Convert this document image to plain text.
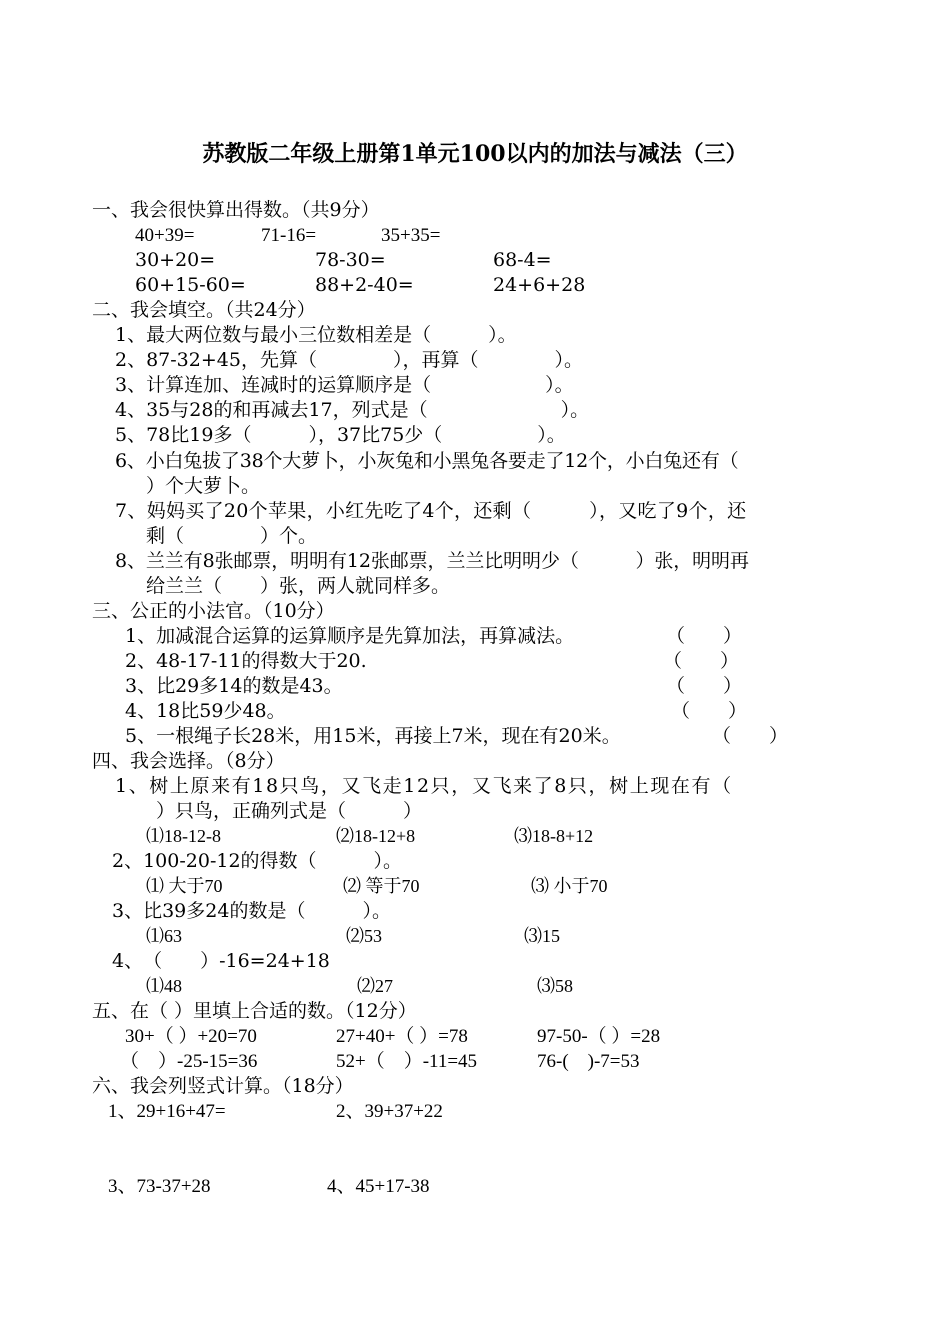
苏教版二年级上册第1单元100以内的加法与减法（三）
一、我会很快算出得数。（共9分）
40+39=	71-16=	35+35=
30+20=	78-30=	68-4=
60+15-60=	88+2-40=	24+6+28
二、我会填空。（共24分）
1、最大两位数与最小三位数相差是（　　　）。
2、87-32+45，先算（　　　　），再算（　　　　）。
3、计算连加、连减时的运算顺序是（　　　　　　）。
4、35与28的和再减去17，列式是（　　　　　　　）。
5、78比19多（　　　），37比75少（　　　　　）。
6、小白兔拔了38个大萝卜，小灰兔和小黑兔各要走了12个，小白兔还有（
）个大萝卜。
7、妈妈买了20个苹果，小红先吃了4个，还剩（　　　），又吃了9个，还
剩（　　　　）个。
8、兰兰有8张邮票，明明有12张邮票，兰兰比明明少（　　　）张，明明再
给兰兰（　　）张，两人就同样多。
三、公正的小法官。（10分）
1、加减混合运算的运算顺序是先算加法，再算减法。	（　　）
2、48-17-11的得数大于20.	（　　）
3、比29多14的数是43。	（　　）
4、18比59少48。	（　　）
5、一根绳子长28米，用15米，再接上7米，现在有20米。	（　　）
四、我会选择。（8分）
1、树上原来有18只鸟，又飞走12只，又飞来了8只，树上现在有（
）只鸟，正确列式是（　　　）
⑴18-12-8	⑵18-12+8	⑶18-8+12
2、100-20-12的得数（　　　）。
⑴ 大于70	⑵ 等于70	⑶ 小于70
3、比39多24的数是（　　　）。
⑴63	⑵53	⑶15
4、　（　　）-16=24+18
⑴48	⑵27	⑶58
五、在（ ）里填上合适的数。（12分）
30+（ ）+20=70	27+40+（ ）=78	97-50-（ ）=28
（　）-25-15=36	52+（　）-11=45	76-(　)-7=53
六、我会列竖式计算。（18分）
1、29+16+47=	2、39+37+22
3、73-37+28	4、45+17-38
